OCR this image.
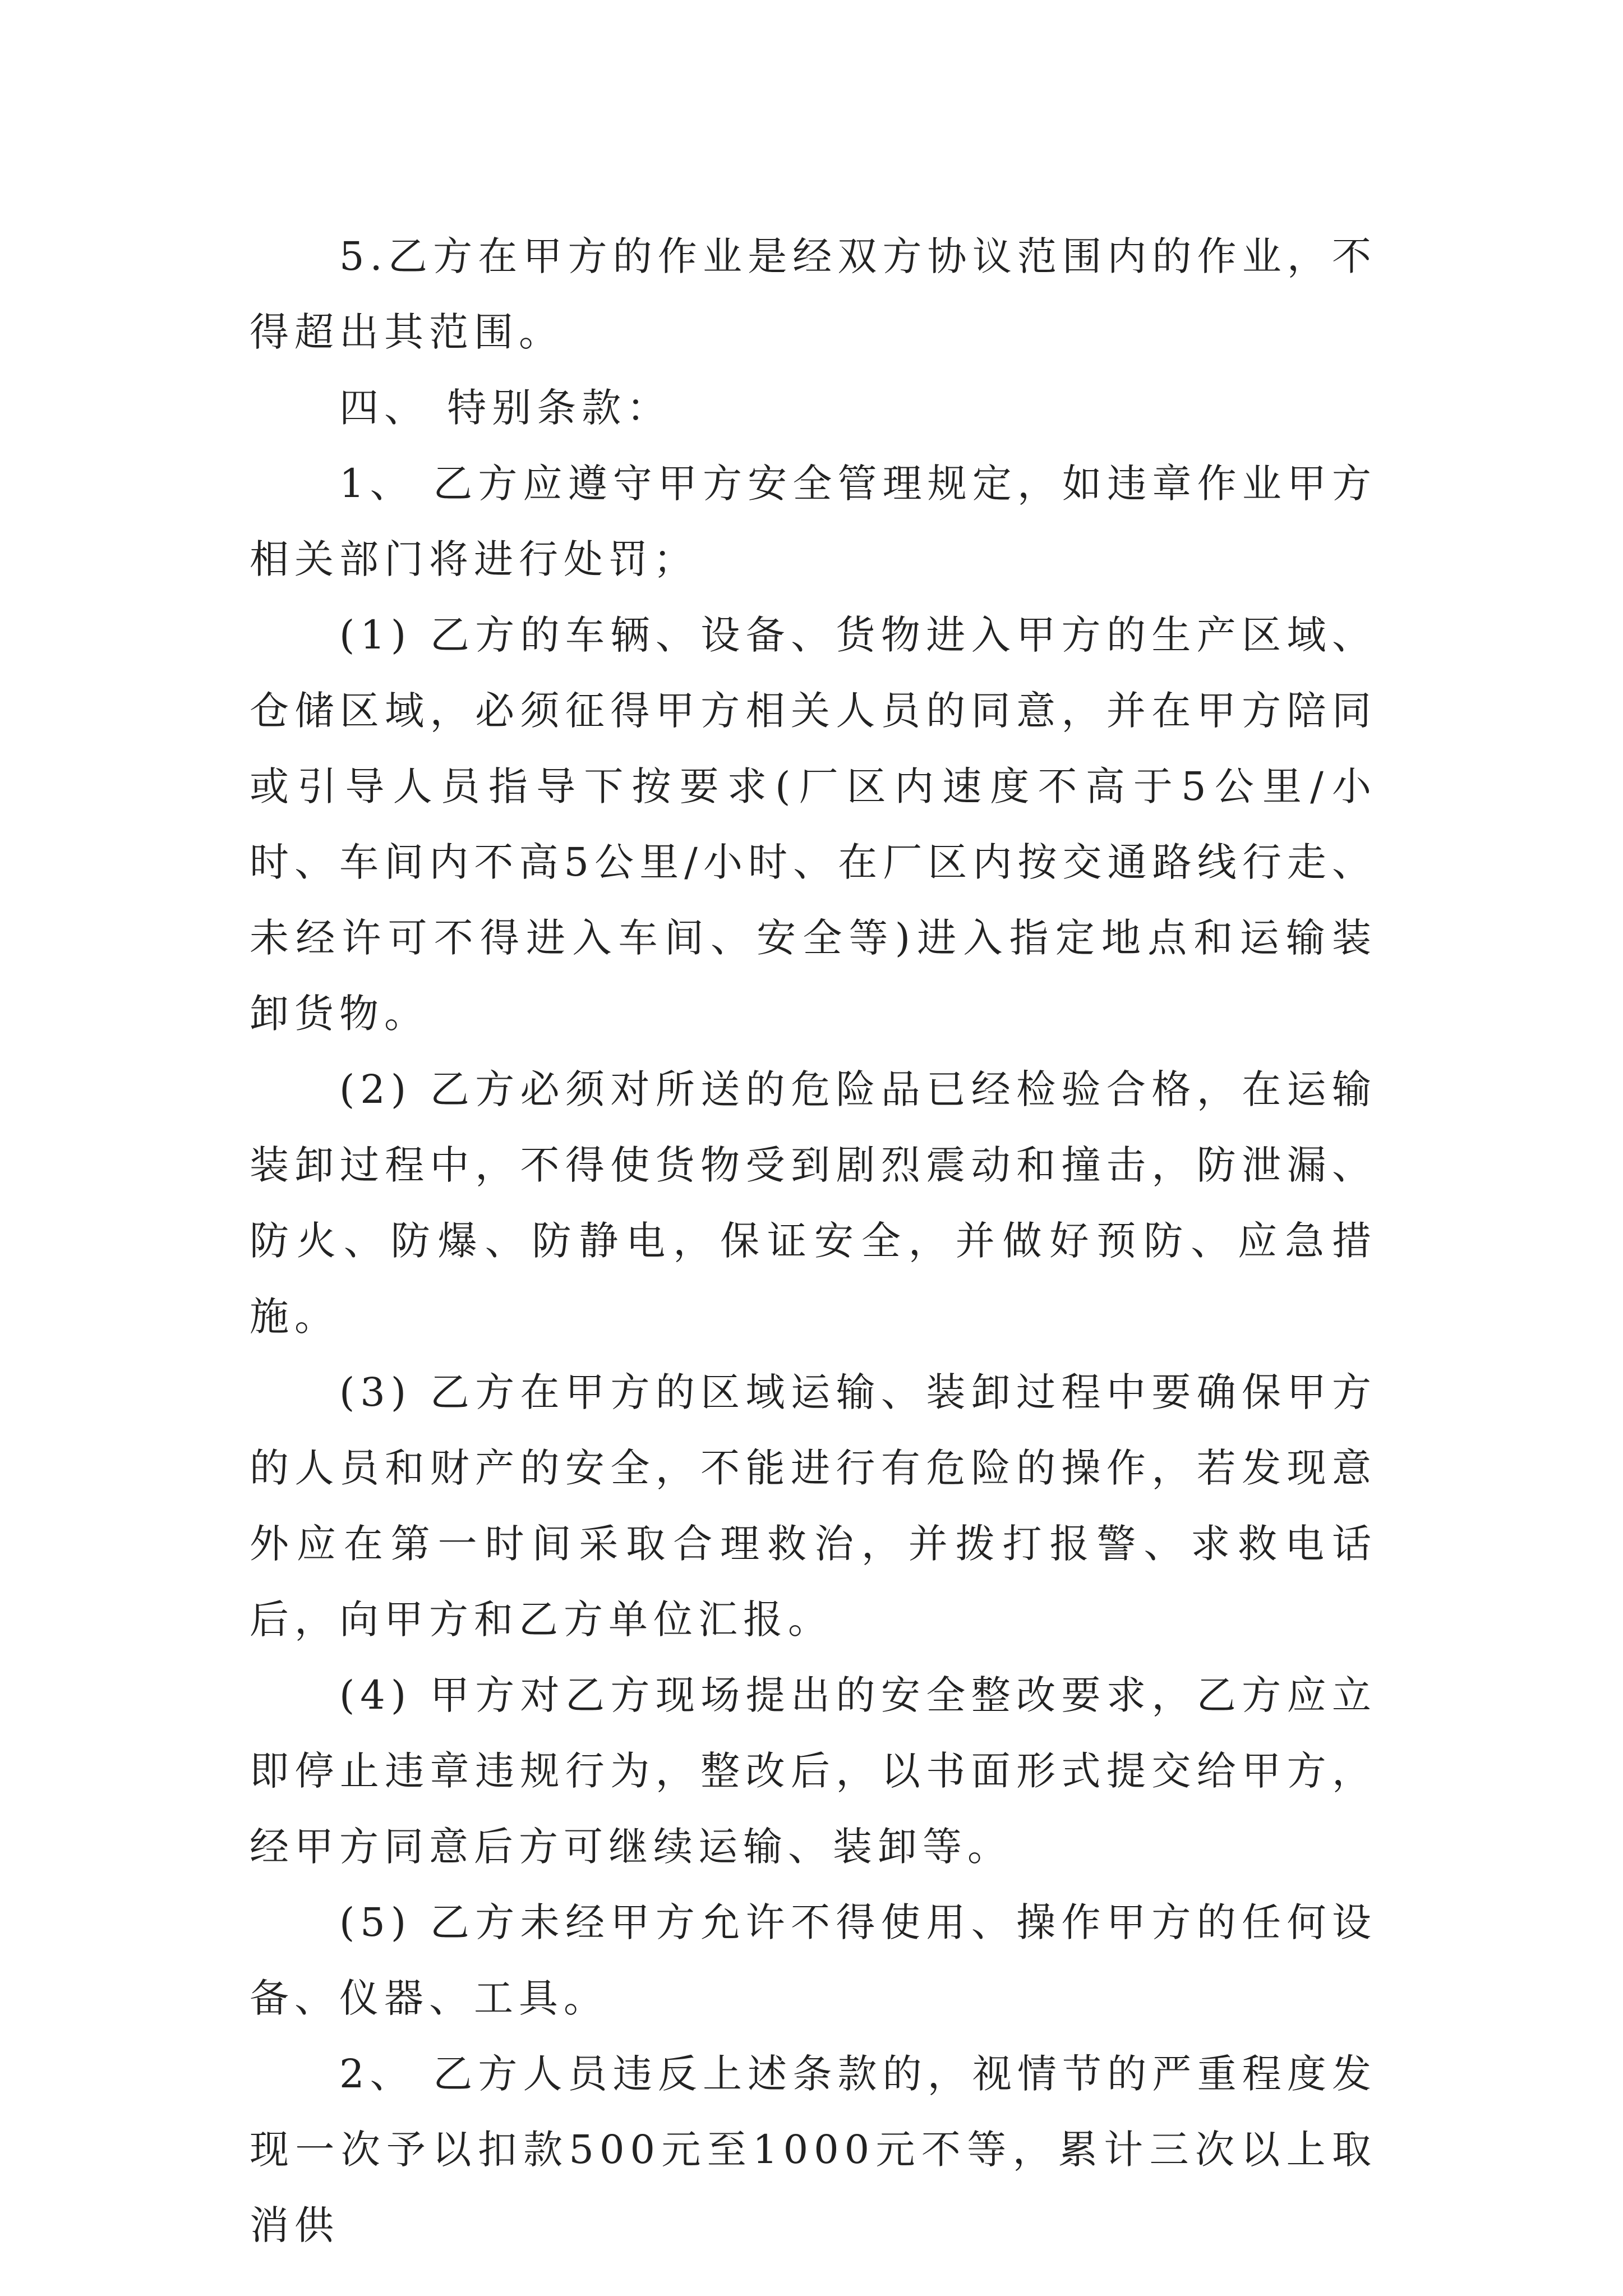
5.乙方在甲方的作业是经双方协议范围内的作业，不得超出其范围。

四、 特别条款：

1、 乙方应遵守甲方安全管理规定，如违章作业甲方相关部门将进行处罚；

(1) 乙方的车辆、设备、货物进入甲方的生产区域、仓储区域，必须征得甲方相关人员的同意，并在甲方陪同或引导人员指导下按要求(厂区内速度不高于5公里/小时、车间内不高5公里/小时、在厂区内按交通路线行走、未经许可不得进入车间、安全等)进入指定地点和运输装卸货物。

(2) 乙方必须对所送的危险品已经检验合格，在运输装卸过程中，不得使货物受到剧烈震动和撞击，防泄漏、防火、防爆、防静电，保证安全，并做好预防、应急措施。

(3) 乙方在甲方的区域运输、装卸过程中要确保甲方的人员和财产的安全，不能进行有危险的操作，若发现意外应在第一时间采取合理救治，并拨打报警、求救电话后，向甲方和乙方单位汇报。

(4) 甲方对乙方现场提出的安全整改要求，乙方应立即停止违章违规行为，整改后，以书面形式提交给甲方，经甲方同意后方可继续运输、装卸等。

(5) 乙方未经甲方允许不得使用、操作甲方的任何设备、仪器、工具。

2、 乙方人员违反上述条款的，视情节的严重程度发现一次予以扣款500元至1000元不等，累计三次以上取消供
